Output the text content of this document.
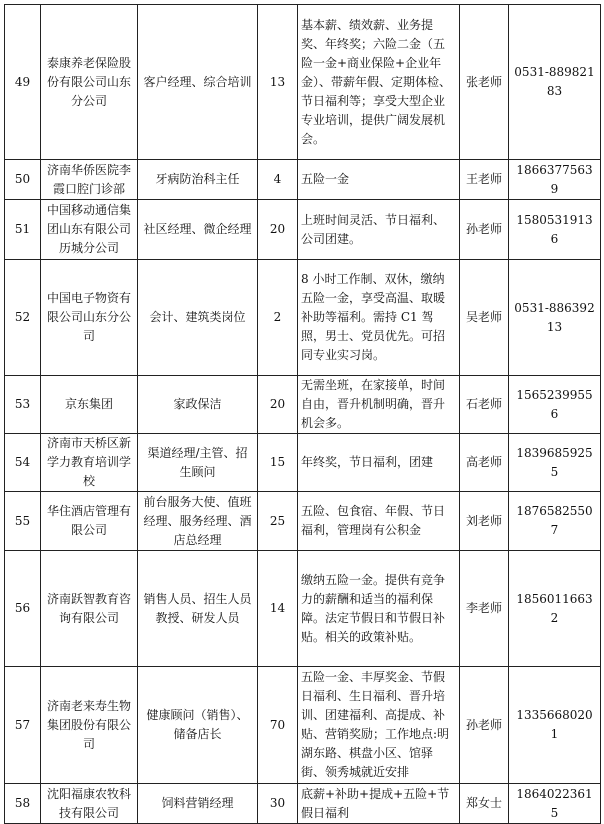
49	泰康养老保险股份有限公司山东分公司	客户经理、综合培训	13	基本薪、绩效薪、业务提奖、年终奖；六险二金（五险一金+商业保险+企业年金）、带薪年假、定期体检、节日福利等；享受大型企业专业培训，提供广阔发展机会。	张老师	0531-88982183
50	济南华侨医院李霞口腔门诊部	牙病防治科主任	4	五险一金	王老师	18663775639
51	中国移动通信集团山东有限公司历城分公司	社区经理、微企经理	20	上班时间灵活、节日福利、公司团建。	孙老师	15805319136
52	中国电子物资有限公司山东分公司	会计、建筑类岗位	2	8 小时工作制、双休，缴纳五险一金，享受高温、取暖补助等福利。需持 C1 驾照，男士、党员优先。可招同专业实习岗。	吴老师	0531-88639213
53	京东集团	家政保洁	20	无需坐班，在家接单，时间自由，晋升机制明确，晋升机会多。	石老师	15652399556
54	济南市天桥区新学力教育培训学校	渠道经理/主管、招生顾问	15	年终奖，节日福利，团建	高老师	18396859255
55	华住酒店管理有限公司	前台服务大使、值班经理、服务经理、酒店总经理	25	五险、包食宿、年假、节日福利，管理岗有公积金	刘老师	18765825507
56	济南跃智教育咨询有限公司	销售人员、招生人员教授、研发人员	14	缴纳五险一金。提供有竞争力的薪酬和适当的福利保障。法定节假日和节假日补贴。相关的政策补贴。	李老师	18560116632
57	济南老来寿生物集团股份有限公司	健康顾问（销售）、储备店长	70	五险一金、丰厚奖金、节假日福利、生日福利、晋升培训、团建福利、高提成、补贴、营销奖励；工作地点:明湖东路、棋盘小区、馆驿街、领秀城就近安排	孙老师	13356680201
58	沈阳福康农牧科技有限公司	饲料营销经理	30	底薪+补助+提成+五险+节假日福利	郑女士	18640223615
